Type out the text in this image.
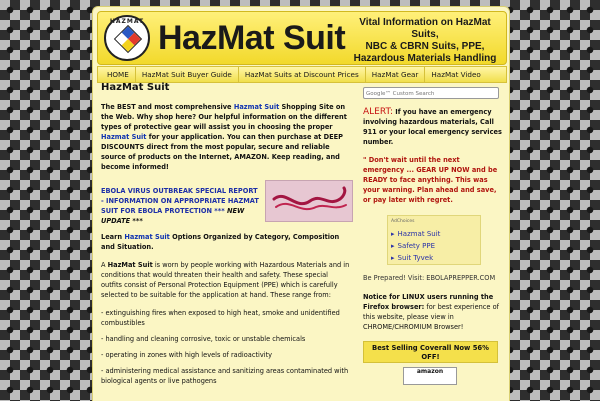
HAZMAT HazMat Suit	Vital Information on HazMat Suits,
NBC & CBRN Suits, PPE,
Hazardous Materials Handling
HOME	HazMat Suit Buyer Guide	HazMat Suits at Discount Prices	HazMat Gear	HazMat Video
HazMat Suit

The BEST and most comprehensive Hazmat Suit Shopping Site on the Web. Why shop here? Our helpful information on the different types of protective gear will assist you in choosing the proper Hazmat Suit for your application. You can then purchase at DEEP DISCOUNTS direct from the most popular, secure and reliable source of products on the Internet, AMAZON. Keep reading, and become informed!

EBOLA VIRUS OUTBREAK SPECIAL REPORT - INFORMATION ON APPROPRIATE HAZMAT SUIT FOR EBOLA PROTECTION *** NEW UPDATE ***

Learn Hazmat Suit Options Organized by Category, Composition and Situation.

A HazMat Suit is worn by people working with Hazardous Materials and in conditions that would threaten their health and safety. These special outfits consist of Personal Protection Equipment (PPE) which is carefully selected to be suitable for the application at hand. These range from:

- extinguishing fires when exposed to high heat, smoke and unidentified combustibles
- handling and cleaning corrosive, toxic or unstable chemicals
- operating in zones with high levels of radioactivity
- administering medical assistance and sanitizing areas contaminated with biological agents or live pathogens
Google™ Custom Search

ALERT: If you have an emergency involving hazardous materials, Call 911 or your local emergency services number.

" Don't wait until the next emergency ... GEAR UP NOW and be READY to face anything. This was your warning. Plan ahead and save, or pay later with regret.

AdChoices
▸ Hazmat Suit
▸ Safety PPE
▸ Suit Tyvek

Be Prepared! Visit: EBOLAPREPPER.COM

Notice for LINUX users running the Firefox browser: for best experience of this website, please view in CHROME/CHROMIUM Browser!

Best Selling Coverall Now 56% OFF!
amazon
